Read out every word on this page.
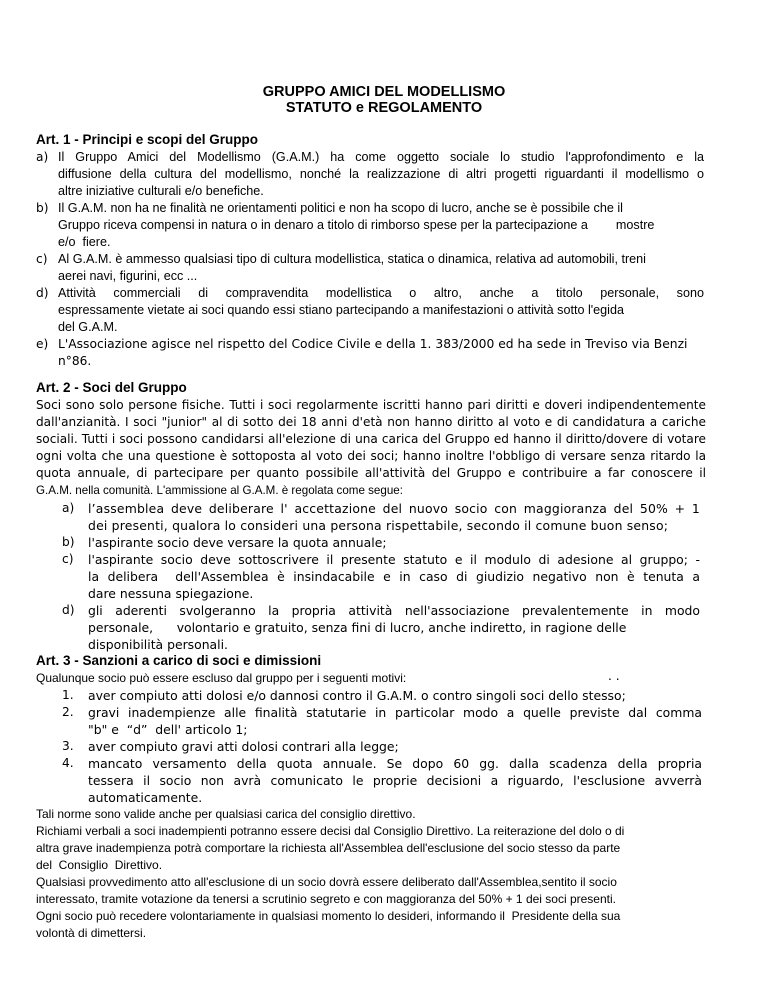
GRUPPO AMICI DEL MODELLISMO
STATUTO e REGOLAMENTO
Art. 1 - Principi e scopi del Gruppo
a) Il Gruppo Amici del Modellismo (G.A.M.) ha come oggetto sociale lo studio l'approfondimento e la
diffusione della cultura del modellismo, nonché la realizzazione di altri progetti riguardanti il modellismo o
altre iniziative culturali e/o benefiche.
b) Il G.A.M. non ha ne finalità ne orientamenti politici e non ha scopo di lucro, anche se è possibile che il
Gruppo riceva compensi in natura o in denaro a titolo di rimborso spese per la partecipazione a        mostre
e/o  fiere.
c) Al G.A.M. è ammesso qualsiasi tipo di cultura modellistica, statica o dinamica, relativa ad automobili, treni
aerei navi, figurini, ecc ...
d) Attività commerciali di compravendita modellistica o altro, anche a titolo personale, sono
espressamente vietate ai soci quando essi stiano partecipando a manifestazioni o attività sotto l'egida
del G.A.M.
e) L'Associazione agisce nel rispetto del Codice Civile e della 1. 383/2000 ed ha sede in Treviso via Benzi
n°86.
Art. 2 - Soci del Gruppo
Soci sono solo persone fisiche. Tutti i soci regolarmente iscritti hanno pari diritti e doveri indipendentemente
dall'anzianità. I soci "junior" al di sotto dei 18 anni d'età non hanno diritto al voto e di candidatura a cariche
sociali. Tutti i soci possono candidarsi all'elezione di una carica del Gruppo ed hanno il diritto/dovere di votare
ogni volta che una questione è sottoposta al voto dei soci; hanno inoltre l'obbligo di versare senza ritardo la
quota annuale, di partecipare per quanto possibile all'attività del Gruppo e contribuire a far conoscere il
G.A.M. nella comunità. L'ammissione al G.A.M. è regolata come segue:
a) l’assemblea deve deliberare l' accettazione del nuovo socio con maggioranza del 50% + 1
dei presenti, qualora lo consideri una persona rispettabile, secondo il comune buon senso;
b) l'aspirante socio deve versare la quota annuale;
c) l'aspirante socio deve sottoscrivere il presente statuto e il modulo di adesione al gruppo; -
la delibera  dell'Assemblea è insindacabile e in caso di giudizio negativo non è tenuta a
dare nessuna spiegazione.
d) gli aderenti svolgeranno la propria attività nell'associazione prevalentemente in modo
personale,      volontario e gratuito, senza fini di lucro, anche indiretto, in ragione delle
disponibilità personali.
Art. 3 - Sanzioni a carico di soci e dimissioni
Qualunque socio può essere escluso dal gruppo per i seguenti motivi:	. .
1. aver compiuto atti dolosi e/o dannosi contro il G.A.M. o contro singoli soci dello stesso;
2. gravi inadempienze alle finalità statutarie in particolar modo a quelle previste dal comma
"b" e  “d”  dell' articolo 1;
3. aver compiuto gravi atti dolosi contrari alla legge;
4. mancato versamento della quota annuale. Se dopo 60 gg. dalla scadenza della propria
tessera il socio non avrà comunicato le proprie decisioni a riguardo, l'esclusione avverrà
automaticamente.
Tali norme sono valide anche per qualsiasi carica del consiglio direttivo.
Richiami verbali a soci inadempienti potranno essere decisi dal Consiglio Direttivo. La reiterazione del dolo o di
altra grave inadempienza potrà comportare la richiesta all'Assemblea dell'esclusione del socio stesso da parte
del  Consiglio  Direttivo.
Qualsiasi provvedimento atto all'esclusione di un socio dovrà essere deliberato dall'Assemblea,sentito il socio
interessato, tramite votazione da tenersi a scrutinio segreto e con maggioranza del 50% + 1 dei soci presenti.
Ogni socio può recedere volontariamente in qualsiasi momento lo desideri, informando il  Presidente della sua
volontà di dimettersi.
